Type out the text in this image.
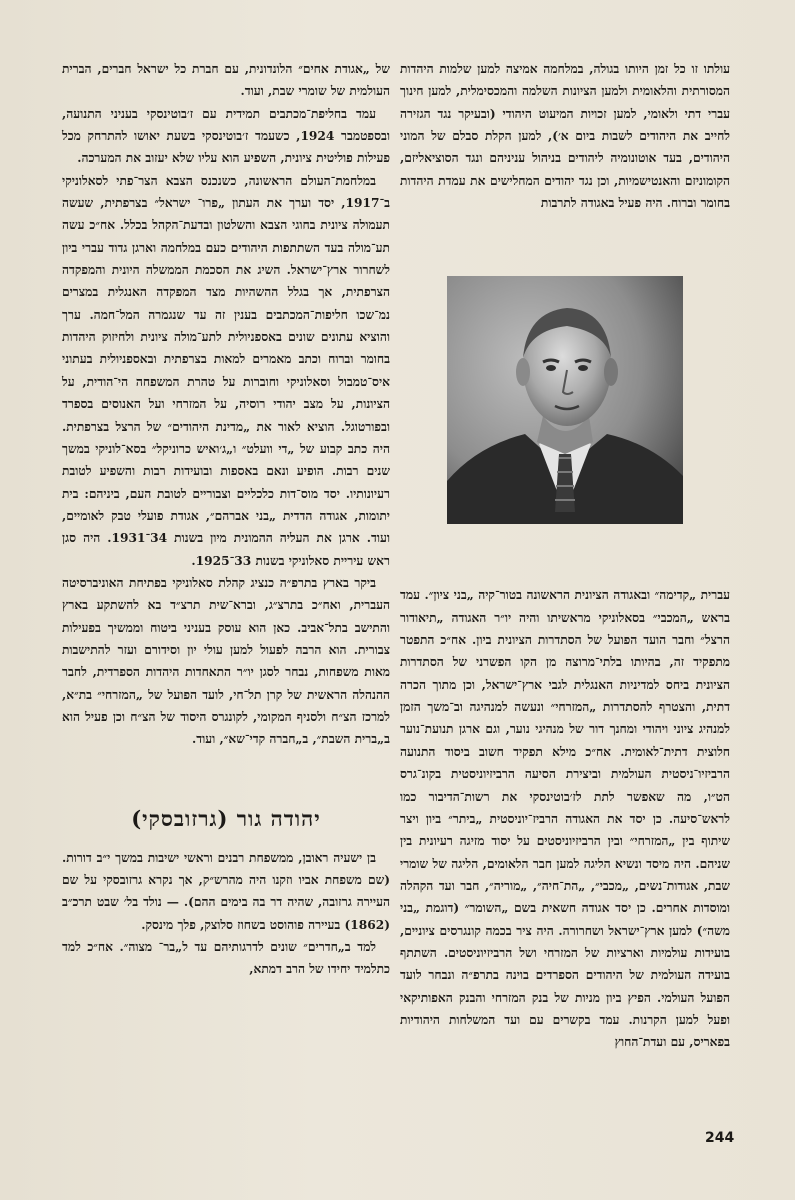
עולתו זו כל זמן היותו בגולה, במלחמה אמיצה למען שלמות היהדות המסורתית והלאומית ולמען הציונות השלמה והמכסימלית, למען חינוך עברי דתי ולאומי, למען זכויות המיעוט היהודי (ובעיקר נגד הגזירה לחייב את היהודים לשבות ביום א׳), למען הקלת סבלם של המוני היהודים, בעד אוטונומיה ליהודים בניהול עניניהם ונגד הסוציאליזם, הקומוניזם והאנטישמיות, וכן נגד יהודים המחלישים את עמדת היהדות בחומר וברוח. היה פעיל באגודה לתרבות

עברית „קדימה״ ובאגודה הציונית הראשונה בטור־קיה „בני ציון״. עמד בראש „המכבי״ בסאלוניקי מראשיתו והיה יו״ר האגודה „תיאודור הרצל״ וחבר הועד הפועל של הסתדרות הציונית ביון. אח״כ התפטר מתפקיד זה, בהיותו בלתי־מרוצה מן הקו הפשרני של הסתדרות הציונית ביחס למדיניות האנגלית לגבי ארץ־ישראל, וכן מתוך הכרה דתית, והצטרף להסתדרות „המזרחי״ ונעשה למנהיגה וב־משך הזמן למנהיג ציוני ויהודי ומחנך דור של מנהיגי נוער, וגם ארגן תנועת־נוער חלוצית דתית־לאומית. אח״כ מילא תפקיד חשוב ביסוד התנועה הרביזיו־ניסטית העולמית וביצירת הסיעה הרביזיוניסטית בקונ־גרס הט״ו, מה שאפשר לתת לז׳בוטינסקי את רשות־הדיבור כמו לראש־סיעה. כן יסד את האגודה הרביז־יוניסטית „ביתר״ ביון ויצר שיתוף בין „המזרחי״ ובין הרביזיוניסטים על יסוד מזיגה רעיונית בין שניהם. היה מיסד ונשיא הליגה למען חבר הלאומים, הליגה של שומרי שבת, אגודות־נשים, „מכבי״, „הת־חיה״, „מוריה״, חבר ועד הקהלה ומוסדות אחרים. כן יסד אגודה חשאית בשם „השומר״ (דוגמת „בני משה״) למען ארץ־ישראל ושחרורה. היה ציר בכמה קונגרסים ציוניים, בועידות עולמיות וארציות של המזרחי ושל הרביזיוניסטים. השתתף בועידה העולמית של היהודים הספרדים בוינה בתרפ״ה ונבחר לועד הפועל העולמי. הפיץ ביון מניות של בנק המזרחי והבנק האפותיקאי ופעל למען הקרנות. עמד בקשרים עם ועד המשלחות היהודיות בפאריס, עם ועדת־החוץ

של „אגודת אחים״ הלונדונית, עם חברת כל ישראל חברים, הברית העולמית של שומרי שבת, ועוד.

עמד בחליפת־מכתבים תמידית עם ז׳בוטינסקי בעניני התנועה, ובספטמבר 1924, כשעמד ז׳בוטינסקי בשעת יאושו להתרחק מכל פעילות פוליטית ציונית, השפיע הוא עליו שלא יעזוב את המערכה.

במלחמת־העולם הראשונה, כשנכנס הצבא הצר־פתי לסאלוניקי ב־1917, יסד וערך את העתון „פרו־ ישראל״ בצרפתית, שעשה תעמולה ציונית בחוגי הצבא והשלטון ובדעת־הקהל בכלל. אח״כ עשה תע־מולה בעד השתתפות היהודים כעם במלחמה וארגן גדוד עברי ביון לשחרור ארץ־ישראל. השיג את הסכמת הממשלה היונית והמפקדה הצרפתית, אך בגלל ההשהיות מצד המפקדה האנגלית במצרים נמ־שכו חליפות־המכתבים בענין זה עד שנגמרה המל־חמה. ערך והוציא עתונים שונים באספניולית לתע־מולה ציונית ולחיזוק היהדות בחומר וברוח וכתב מאמרים למאות בצרפתית ובאספניולית בעתוני איס־טמבול וסאלוניקי וחוברות על טהרת המשפחה הי־הודית, על הציונות, על מצב יהודי רוסיה, על המזרחי ועל האנוסים בספרד ובפורטוגל. הוציא לאור את „מדינת היהודים״ של הרצל בצרפתית. היה כתב קבוע של „די וועלט״ ו„ג׳ואיש כרוניקל״ בסא־לוניקי במשך שנים רבות. הופיע ונאם באספות ובועידות רבות והשפיע לטובת רעיונותיו. יסד מוס־דות כלכליים וצבוריים לטובת העם, ביניהם: בית יתומות, אגודה הדדית „בני אברהם״, אגודת פועלי טבק לאומיים, ועוד. ארגן את העליה ההמונית מיון בשנות 34־1931. היה סגן ראש עיריית סאלוניקי בשנות 33־1925.

ביקר בארץ בתרפ״ה כנציג קהלת סאלוניקי בפתיחת האוניברסיטה העברית, ואח״כ בתרצ״ג, וברא־שית תרצ״ד בא להשתקע בארץ והתישב בתל־אביב. כאן הוא עוסק בעניני ביטוח וממשיך בפעילות צבורית. הוא הרבה לפעול למען עולי יון וסידורם ועזר להתישבות מאות משפחות, נבחר לסגן יו״ר התאחדות היהדות הספרדית, לחבר ההנהלה הראשית של קרן תל־חי, לועד הפועל של „המזרחי״ בת״א, למרכז הצ״ח ולסניף המקומי, לקונגרס היסוד של הצ״ח וכן פעיל הוא ב„ברית השבת״, ב„חברה קדי־שא״, ועוד.

יהודה גור (גרזובסקי)

בן ישעיה ראובן, ממשפחת רבנים וראשי ישיבות במשך י״ב דורות. (שם משפחת אביו וזקנו היה מהרש״ק, אך נקרא גרזובסקי על שם העיירה גרזובה, שהיה דר בה בימים ההם). — נולד בל׳ שבט תרכ״ב (1862) בעיירה פוהוסט בשחוז סלוצק, פלך מינסק.

למד ב„חדרים״ שונים לדרגותיהם עד ל„בר־ מצוה״. אח״כ למד כתלמיד יחידו של הרב דמתא,

244
